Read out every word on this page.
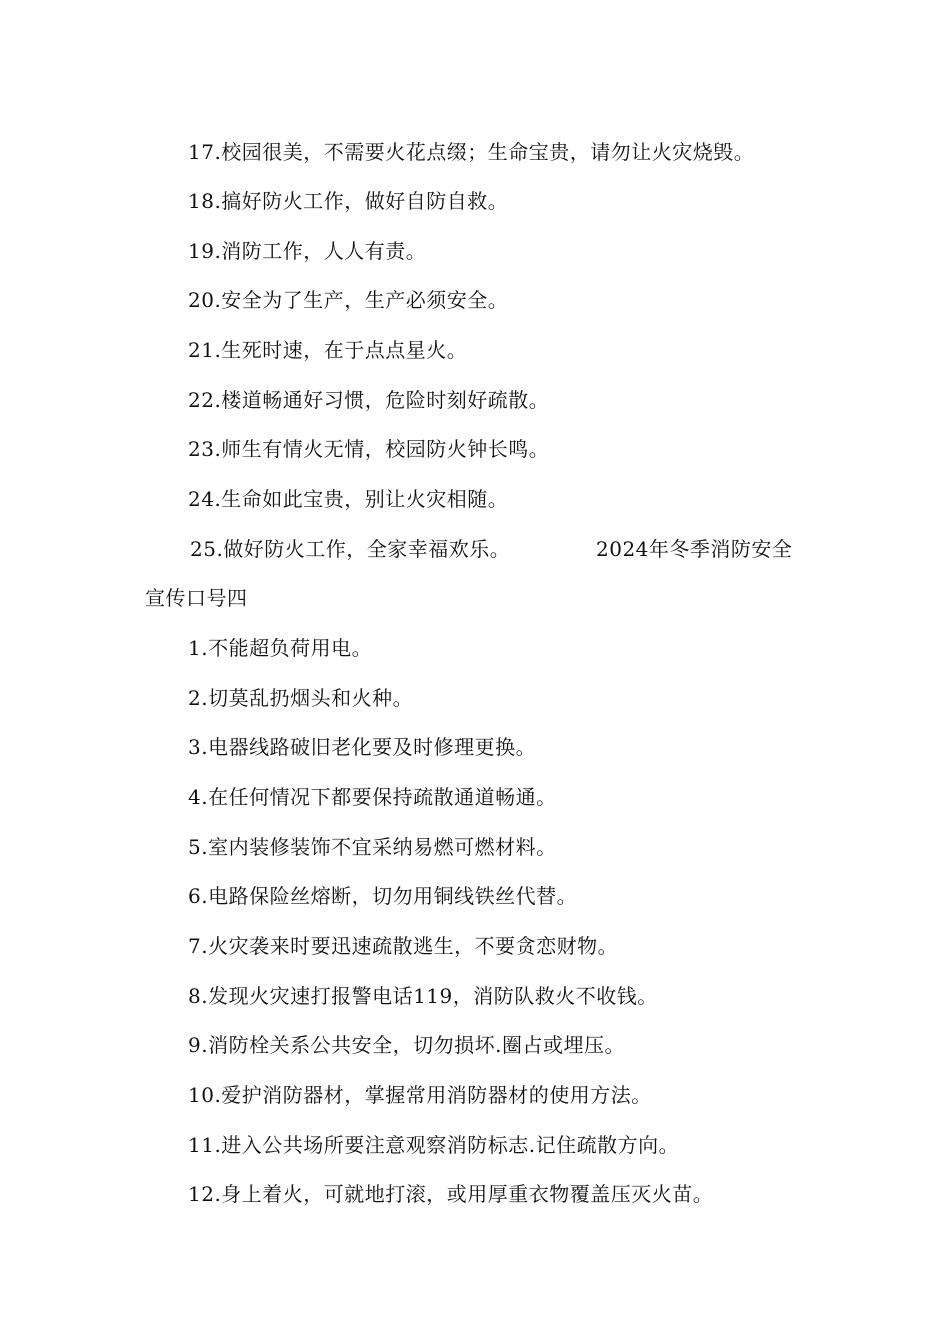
17.校园很美，不需要火花点缀；生命宝贵，请勿让火灾烧毁。
18.搞好防火工作，做好自防自救。
19.消防工作，人人有责。
20.安全为了生产，生产必须安全。
21.生死时速，在于点点星火。
22.楼道畅通好习惯，危险时刻好疏散。
23.师生有情火无情，校园防火钟长鸣。
24.生命如此宝贵，别让火灾相随。
25.做好防火工作，全家幸福欢乐。	2024年冬季消防安全
宣传口号四
1.不能超负荷用电。
2.切莫乱扔烟头和火种。
3.电器线路破旧老化要及时修理更换。
4.在任何情况下都要保持疏散通道畅通。
5.室内装修装饰不宜采纳易燃可燃材料。
6.电路保险丝熔断，切勿用铜线铁丝代替。
7.火灾袭来时要迅速疏散逃生，不要贪恋财物。
8.发现火灾速打报警电话119，消防队救火不收钱。
9.消防栓关系公共安全，切勿损坏.圈占或埋压。
10.爱护消防器材，掌握常用消防器材的使用方法。
11.进入公共场所要注意观察消防标志.记住疏散方向。
12.身上着火，可就地打滚，或用厚重衣物覆盖压灭火苗。
